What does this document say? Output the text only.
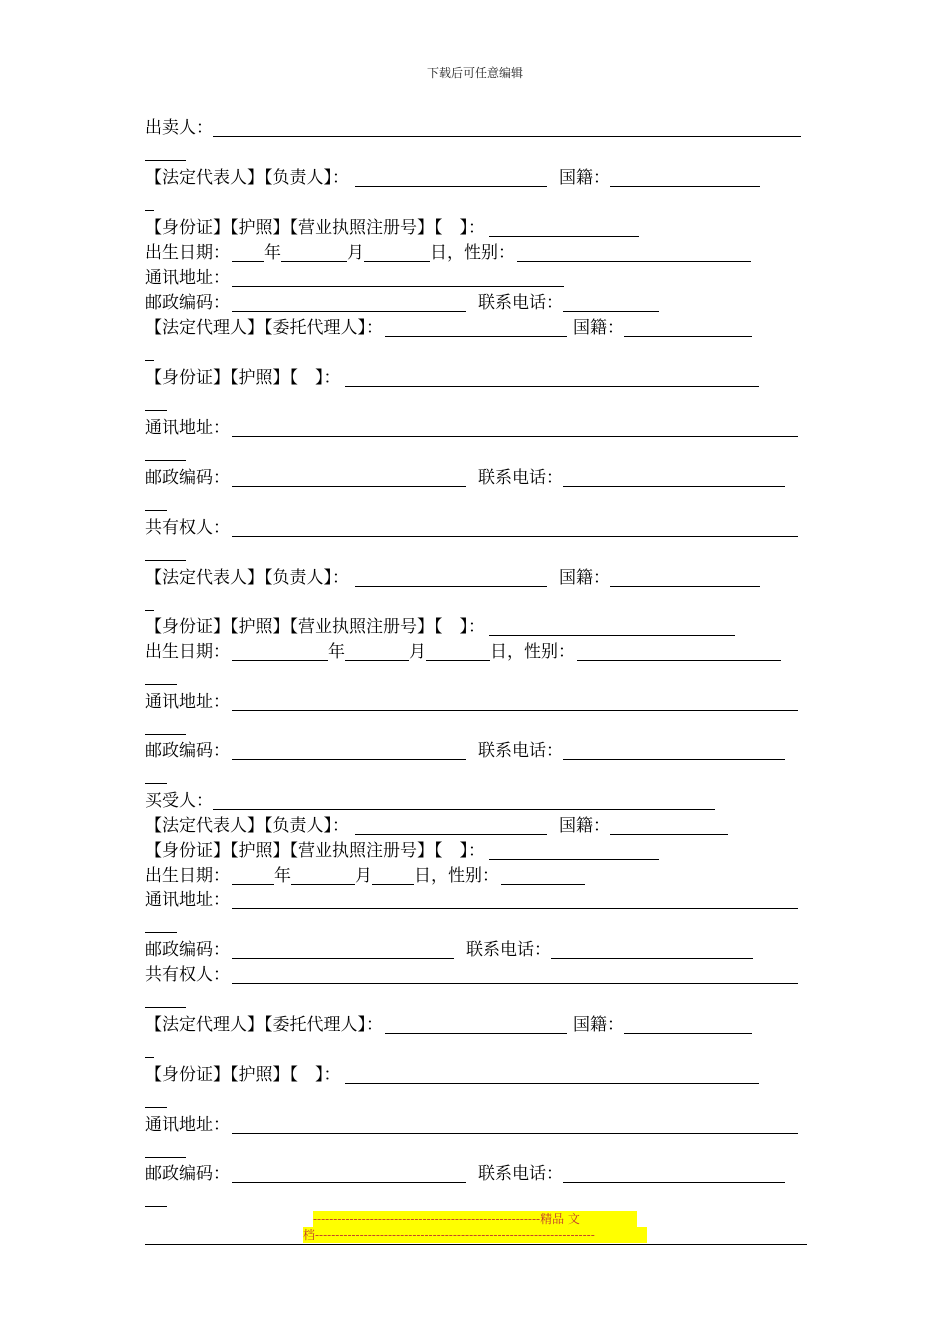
下载后可任意编辑
出卖人：
【法定代表人】【负责人】：	国籍：
【身份证】【护照】【营业执照注册号】【　】：
出生日期： 年	月	日，性别：
通讯地址：
邮政编码：	联系电话：
【法定代理人】【委托代理人】：	国籍：
【身份证】【护照】【　】：
通讯地址：
邮政编码：	联系电话：
共有权人：
【法定代表人】【负责人】：	国籍：
【身份证】【护照】【营业执照注册号】【　】：
出生日期：	年	月	日，性别：
通讯地址：
邮政编码：	联系电话：
买受人：
【法定代表人】【负责人】：	国籍：
【身份证】【护照】【营业执照注册号】【　】：
出生日期：	年	月 日，性别：
通讯地址：
邮政编码：	联系电话：
共有权人：
【法定代理人】【委托代理人】：	国籍：
【身份证】【护照】【　】：
通讯地址：
邮政编码：	联系电话：
--------------------------------------------------------精品 文
档---------------------------------------------------------------------
